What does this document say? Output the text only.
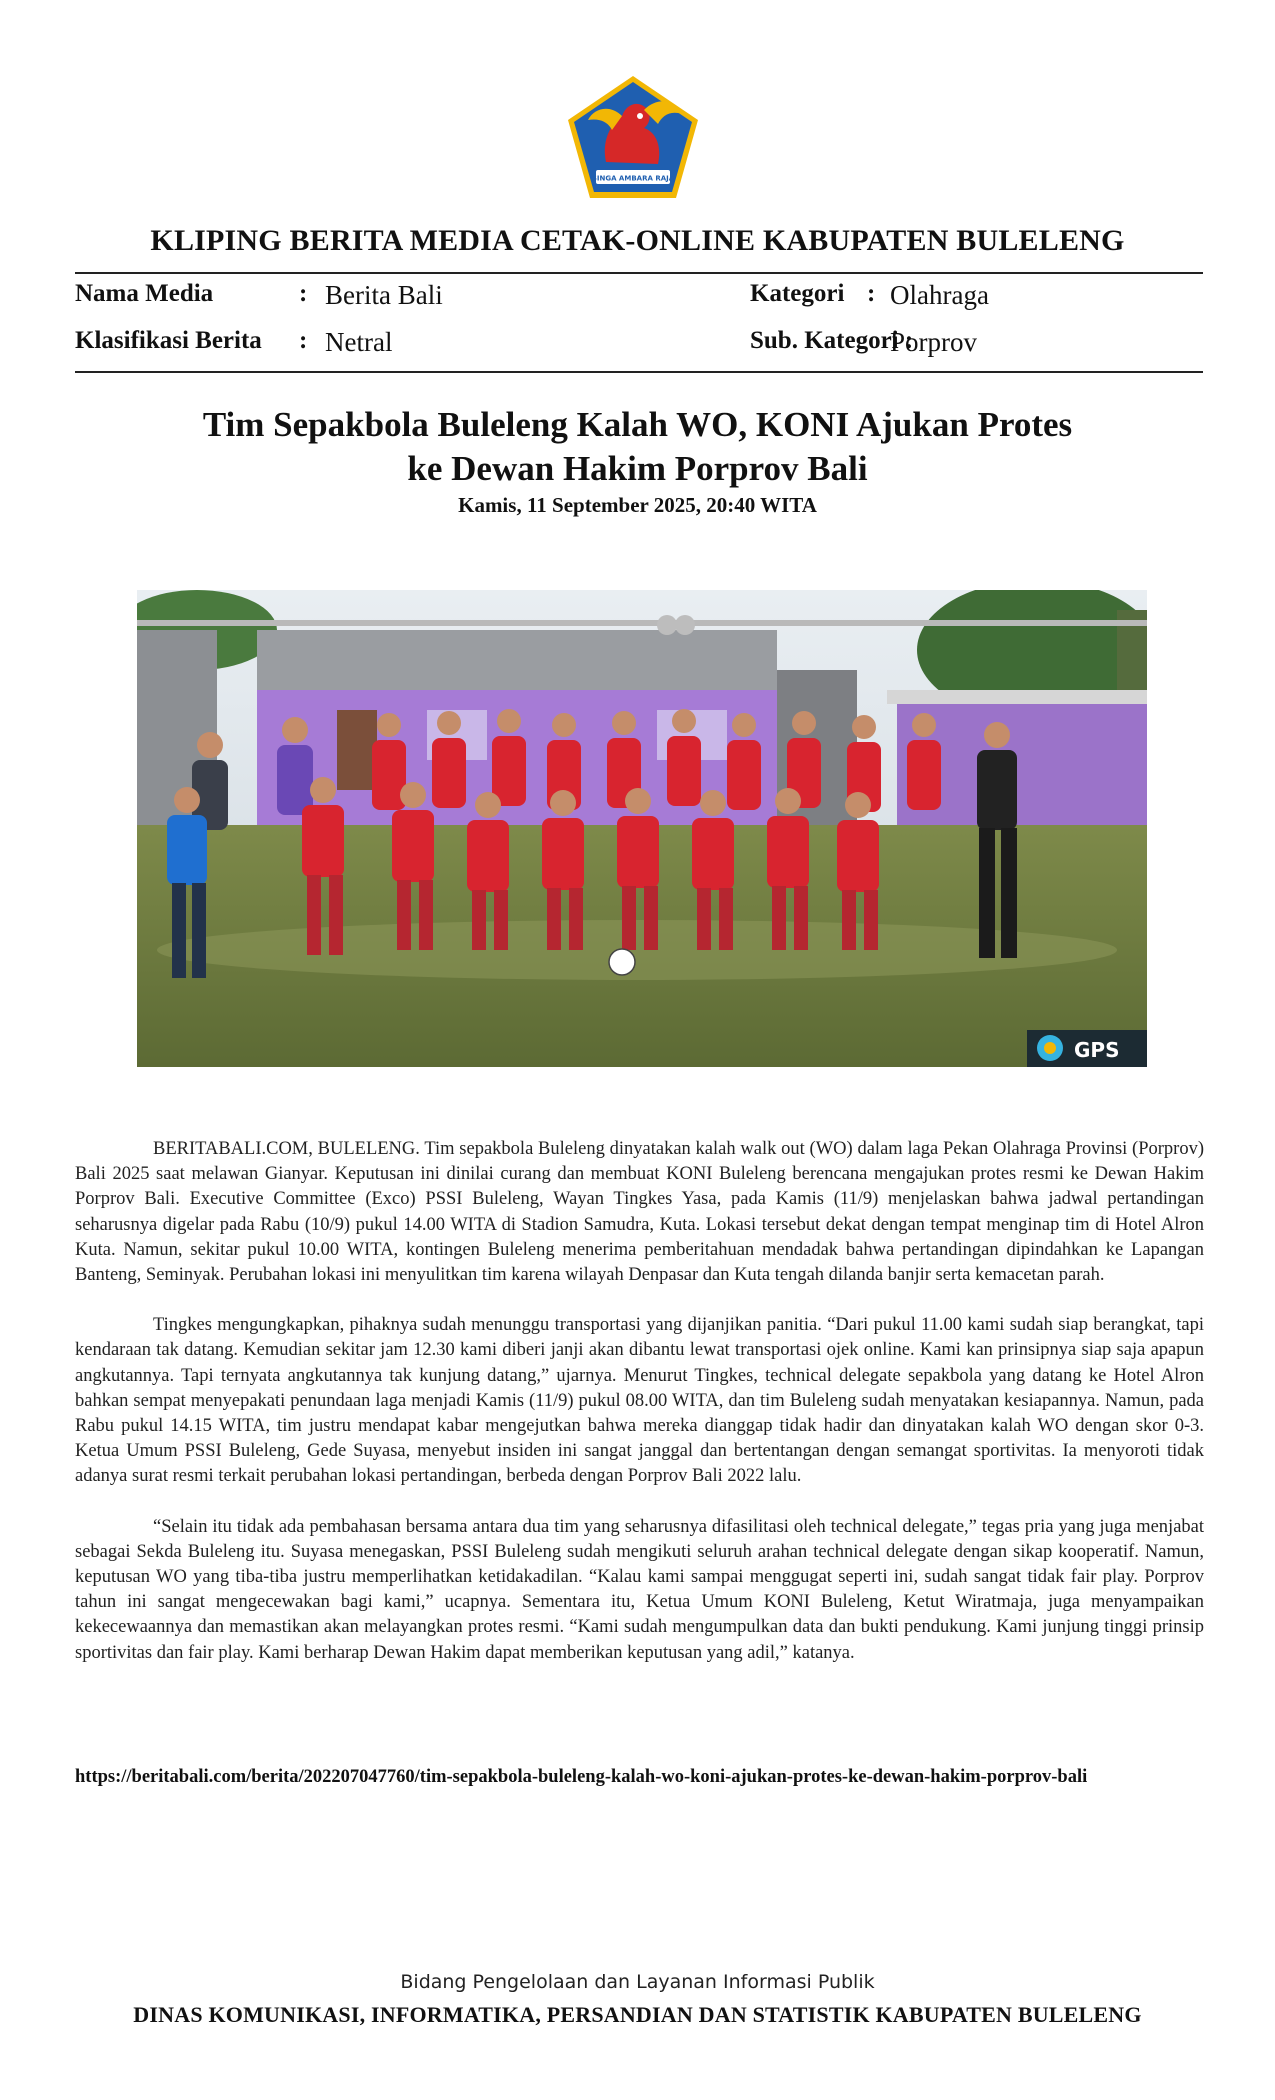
SINGA AMBARA RAJA
KLIPING BERITA MEDIA CETAK-ONLINE KABUPATEN BULELENG
Nama Media	: Berita Bali	Kategori : Olahraga
Klasifikasi Berita : Netral	Sub. Kategori :
Porprov
Tim Sepakbola Buleleng Kalah WO, KONI Ajukan Protes
ke Dewan Hakim Porprov Bali
Kamis, 11 September 2025, 20:40 WITA
GPS

BERITABALI.COM, BULELENG. Tim sepakbola Buleleng dinyatakan kalah walk out (WO) dalam laga Pekan Olahraga Provinsi (Porprov) Bali 2025 saat melawan Gianyar. Keputusan ini dinilai curang dan membuat KONI Buleleng berencana mengajukan protes resmi ke Dewan Hakim Porprov Bali. Executive Committee (Exco) PSSI Buleleng, Wayan Tingkes Yasa, pada Kamis (11/9) menjelaskan bahwa jadwal pertandingan seharusnya digelar pada Rabu (10/9) pukul 14.00 WITA di Stadion Samudra, Kuta. Lokasi tersebut dekat dengan tempat menginap tim di Hotel Alron Kuta. Namun, sekitar pukul 10.00 WITA, kontingen Buleleng menerima pemberitahuan mendadak bahwa pertandingan dipindahkan ke Lapangan Banteng, Seminyak. Perubahan lokasi ini menyulitkan tim karena wilayah Denpasar dan Kuta tengah dilanda banjir serta kemacetan parah.

Tingkes mengungkapkan, pihaknya sudah menunggu transportasi yang dijanjikan panitia. “Dari pukul 11.00 kami sudah siap berangkat, tapi kendaraan tak datang. Kemudian sekitar jam 12.30 kami diberi janji akan dibantu lewat transportasi ojek online. Kami kan prinsipnya siap saja apapun angkutannya. Tapi ternyata angkutannya tak kunjung datang,” ujarnya. Menurut Tingkes, technical delegate sepakbola yang datang ke Hotel Alron bahkan sempat menyepakati penundaan laga menjadi Kamis (11/9) pukul 08.00 WITA, dan tim Buleleng sudah menyatakan kesiapannya. Namun, pada Rabu pukul 14.15 WITA, tim justru mendapat kabar mengejutkan bahwa mereka dianggap tidak hadir dan dinyatakan kalah WO dengan skor 0-3. Ketua Umum PSSI Buleleng, Gede Suyasa, menyebut insiden ini sangat janggal dan bertentangan dengan semangat sportivitas. Ia menyoroti tidak adanya surat resmi terkait perubahan lokasi pertandingan, berbeda dengan Porprov Bali 2022 lalu.

“Selain itu tidak ada pembahasan bersama antara dua tim yang seharusnya difasilitasi oleh technical delegate,” tegas pria yang juga menjabat sebagai Sekda Buleleng itu. Suyasa menegaskan, PSSI Buleleng sudah mengikuti seluruh arahan technical delegate dengan sikap kooperatif. Namun, keputusan WO yang tiba-tiba justru memperlihatkan ketidakadilan. “Kalau kami sampai menggugat seperti ini, sudah sangat tidak fair play. Porprov tahun ini sangat mengecewakan bagi kami,” ucapnya. Sementara itu, Ketua Umum KONI Buleleng, Ketut Wiratmaja, juga menyampaikan kekecewaannya dan memastikan akan melayangkan protes resmi. “Kami sudah mengumpulkan data dan bukti pendukung. Kami junjung tinggi prinsip sportivitas dan fair play. Kami berharap Dewan Hakim dapat memberikan keputusan yang adil,” katanya.

https://beritabali.com/berita/202207047760/tim-sepakbola-buleleng-kalah-wo-koni-ajukan-protes-ke-dewan-hakim-porprov-bali
Bidang Pengelolaan dan Layanan Informasi Publik
DINAS KOMUNIKASI, INFORMATIKA, PERSANDIAN DAN STATISTIK KABUPATEN BULELENG
